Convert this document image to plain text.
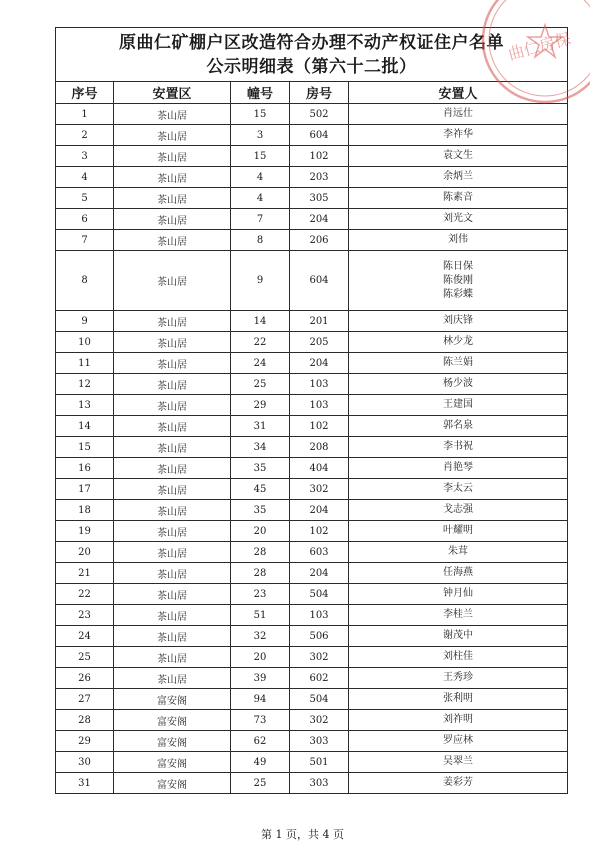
原曲仁矿棚户区改造符合办理不动产权证住户名单
公示明细表（第六十二批）				

序号	安置区	幢号	房号	安置人
1	茶山居	15	502	肖远仕

2	茶山居	3	604	李祚华

3	茶山居	15	102	袁文生

4	茶山居	4	203	余炳兰

5	茶山居	4	305	陈素音

6	茶山居	7	204	刘光文

7	茶山居	8	206	刘伟

8	茶山居	9	604	陈日保
陈俊刚
陈彩蝶

9	茶山居	14	201	刘庆锋

10	茶山居	22	205	林少龙

11	茶山居	24	204	陈兰娟

12	茶山居	25	103	杨少波

13	茶山居	29	103	王建国

14	茶山居	31	102	郭名泉

15	茶山居	34	208	李书祝

16	茶山居	35	404	肖艳琴

17	茶山居	45	302	李太云

18	茶山居	35	204	戈志强

19	茶山居	20	102	叶耀明

20	茶山居	28	603	朱茸

21	茶山居	28	204	任海燕

22	茶山居	23	504	钟月仙

23	茶山居	51	103	李桂兰

24	茶山居	32	506	谢茂中

25	茶山居	20	302	刘柱佳

26	茶山居	39	602	王秀珍

27	富安阁	94	504	张利明

28	富安阁	73	302	刘祚明

29	富安阁	62	303	罗应林

30	富安阁	49	501	吴翠兰

31	富安阁	25	303	姜彩芳
曲仁房保
第 1 页，共 4 页
